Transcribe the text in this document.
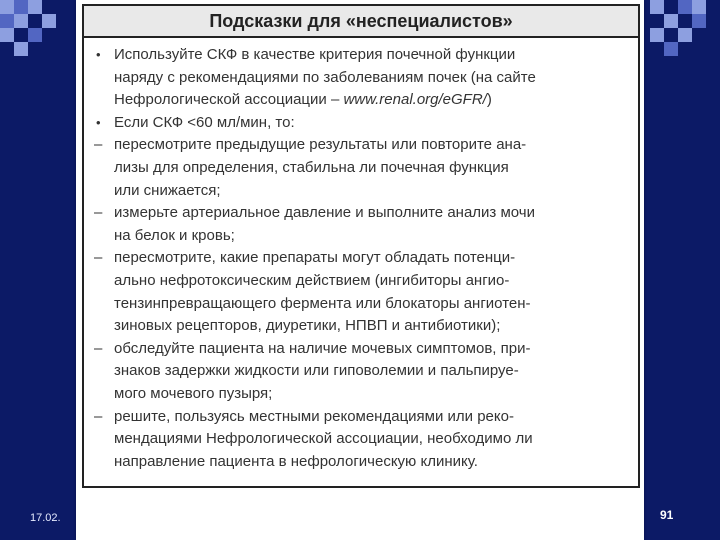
17.02.	91
Подсказки для «неспециалистов»
• Используйте СКФ в качестве критерия почечной функции
наряду с рекомендациями по заболеваниям почек (на сайте
Нефрологической ассоциации – www.renal.org/eGFR/)
• Если СКФ <60 мл/мин, то:
– пересмотрите предыдущие результаты или повторите ана-
лизы для определения, стабильна ли почечная функция
или снижается;
– измерьте артериальное давление и выполните анализ мочи
на белок и кровь;
– пересмотрите, какие препараты могут обладать потенци-
ально нефротоксическим действием (ингибиторы ангио-
тензинпревращающего фермента или блокаторы ангиотен-
зиновых рецепторов, диуретики, НПВП и антибиотики);
– обследуйте пациента на наличие мочевых симптомов, при-
знаков задержки жидкости или гиповолемии и пальпируе-
мого мочевого пузыря;
– решите, пользуясь местными рекомендациями или реко-
мендациями Нефрологической ассоциации, необходимо ли
направление пациента в нефрологическую клинику.
